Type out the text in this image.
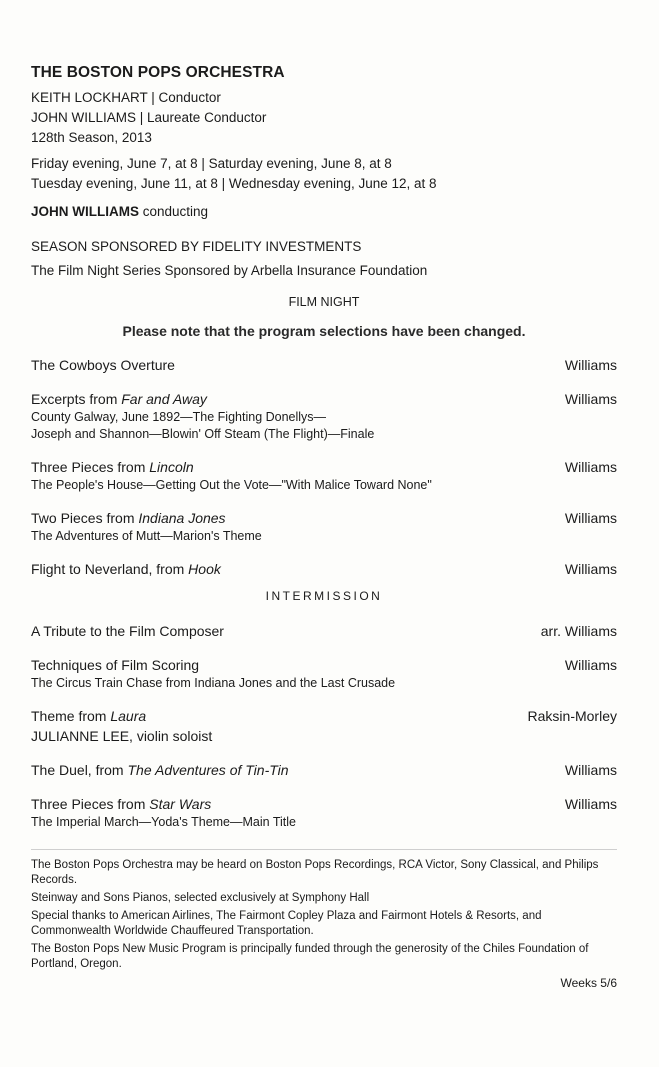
THE BOSTON POPS ORCHESTRA
KEITH LOCKHART | Conductor
JOHN WILLIAMS | Laureate Conductor
128th Season, 2013
Friday evening, June 7, at 8 | Saturday evening, June 8, at 8
Tuesday evening, June 11, at 8 | Wednesday evening, June 12, at 8
JOHN WILLIAMS conducting
SEASON SPONSORED BY FIDELITY INVESTMENTS
The Film Night Series Sponsored by Arbella Insurance Foundation
FILM NIGHT
Please note that the program selections have been changed.
The Cowboys Overture	Williams
Excerpts from Far and Away	Williams
County Galway, June 1892—The Fighting Donellys—
Joseph and Shannon—Blowin' Off Steam (The Flight)—Finale
Three Pieces from Lincoln	Williams
The People's House—Getting Out the Vote—"With Malice Toward None"
Two Pieces from Indiana Jones	Williams
The Adventures of Mutt—Marion's Theme
Flight to Neverland, from Hook	Williams
INTERMISSION
A Tribute to the Film Composer	arr. Williams
Techniques of Film Scoring	Williams
The Circus Train Chase from Indiana Jones and the Last Crusade
Theme from Laura	Raksin-Morley
JULIANNE LEE, violin soloist
The Duel, from The Adventures of Tin-Tin	Williams
Three Pieces from Star Wars	Williams
The Imperial March—Yoda's Theme—Main Title

The Boston Pops Orchestra may be heard on Boston Pops Recordings, RCA Victor, Sony Classical, and Philips Records.

Steinway and Sons Pianos, selected exclusively at Symphony Hall

Special thanks to American Airlines, The Fairmont Copley Plaza and Fairmont Hotels & Resorts, and Commonwealth Worldwide Chauffeured Transportation.

The Boston Pops New Music Program is principally funded through the generosity of the Chiles Foundation of Portland, Oregon.

Weeks 5/6
